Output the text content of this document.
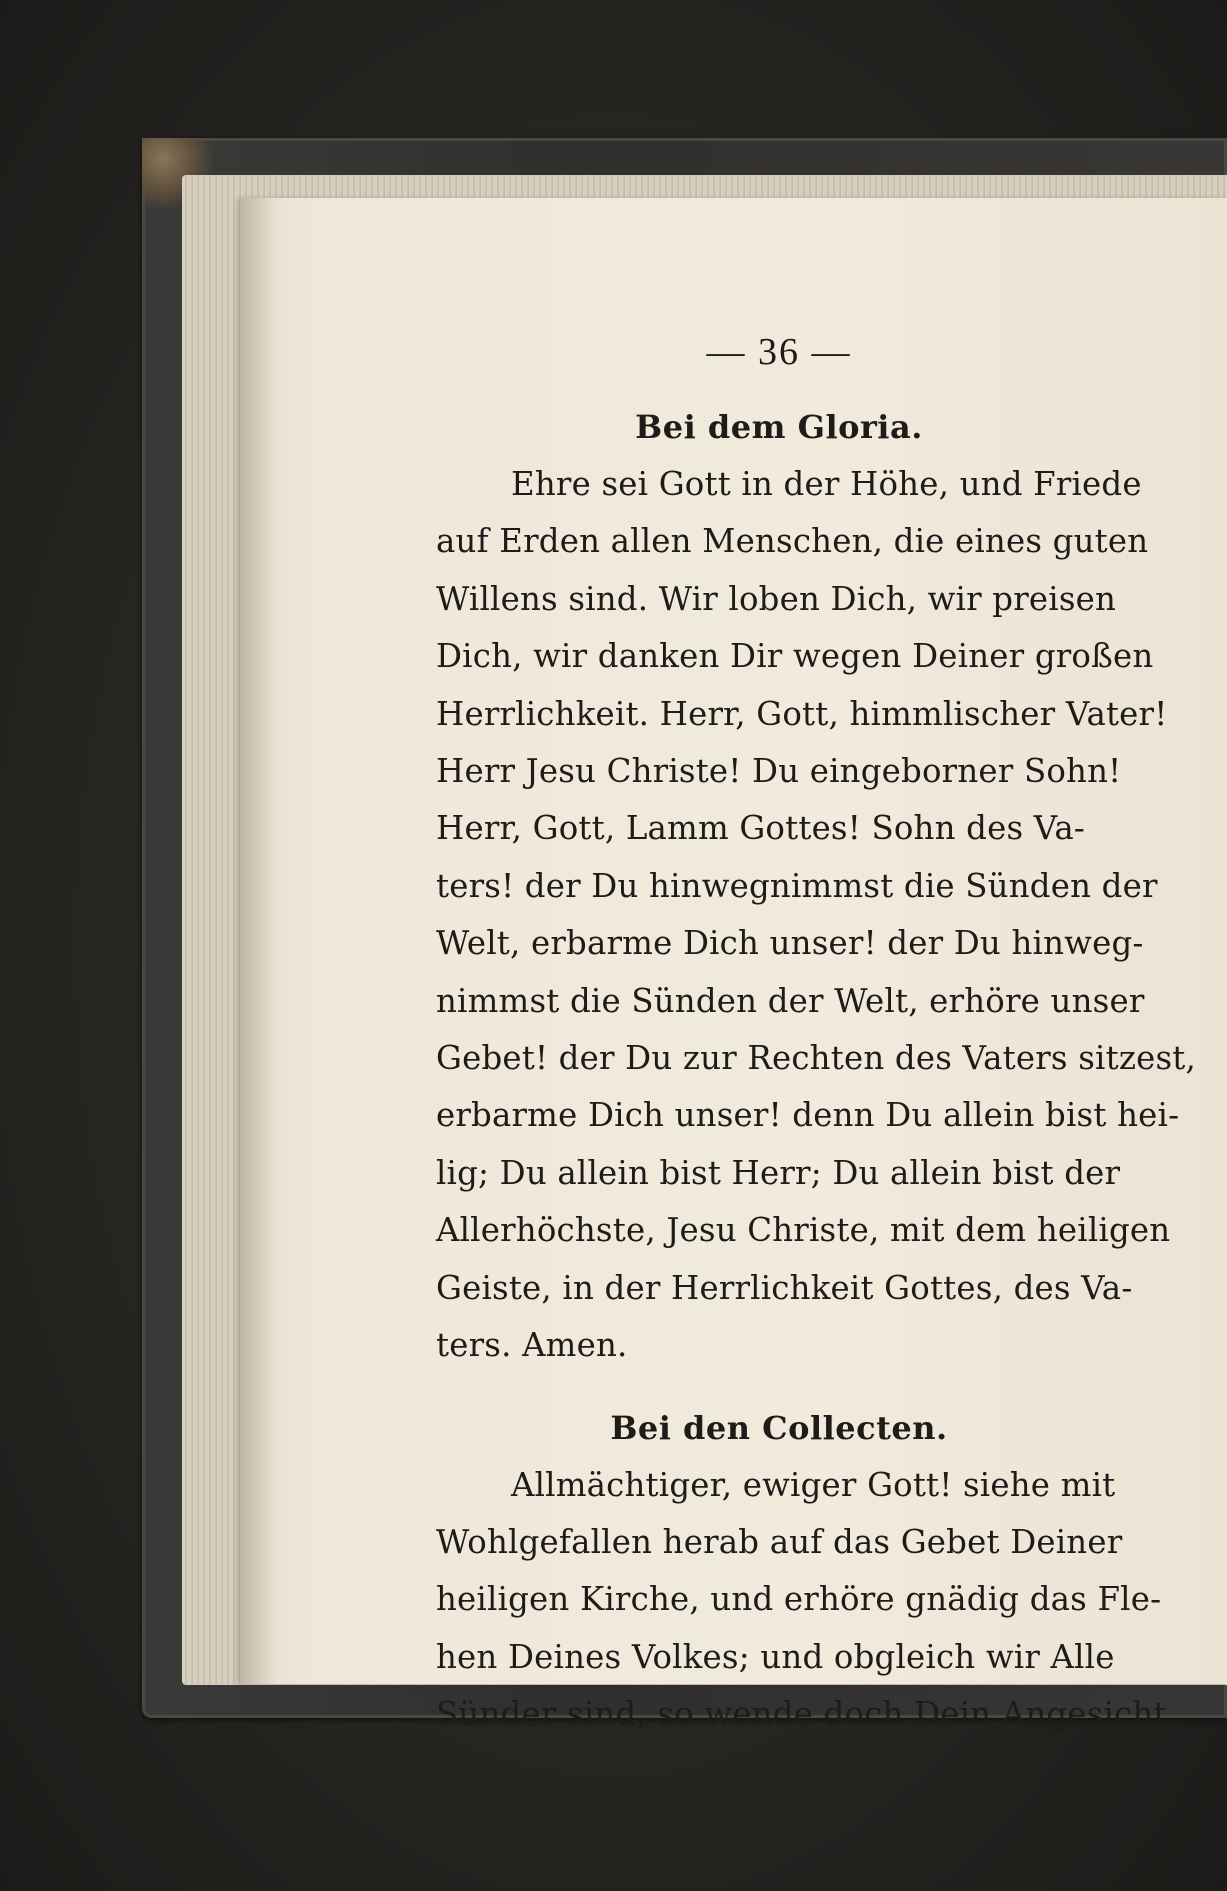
— 36 —
Bei dem Gloria.
Ehre sei Gott in der Höhe, und Friede
auf Erden allen Menschen, die eines guten
Willens sind. Wir loben Dich, wir preisen
Dich, wir danken Dir wegen Deiner großen
Herrlichkeit. Herr, Gott, himmlischer Vater!
Herr Jesu Christe! Du eingeborner Sohn!
Herr, Gott, Lamm Gottes! Sohn des Va-
ters! der Du hinwegnimmst die Sünden der
Welt, erbarme Dich unser! der Du hinweg-
nimmst die Sünden der Welt, erhöre unser
Gebet! der Du zur Rechten des Vaters sitzest,
erbarme Dich unser! denn Du allein bist hei-
lig; Du allein bist Herr; Du allein bist der
Allerhöchste, Jesu Christe, mit dem heiligen
Geiste, in der Herrlichkeit Gottes, des Va-
ters. Amen.
Bei den Collecten.
Allmächtiger, ewiger Gott! siehe mit
Wohlgefallen herab auf das Gebet Deiner
heiligen Kirche, und erhöre gnädig das Fle-
hen Deines Volkes; und obgleich wir Alle
Sünder sind, so wende doch Dein Angesicht
